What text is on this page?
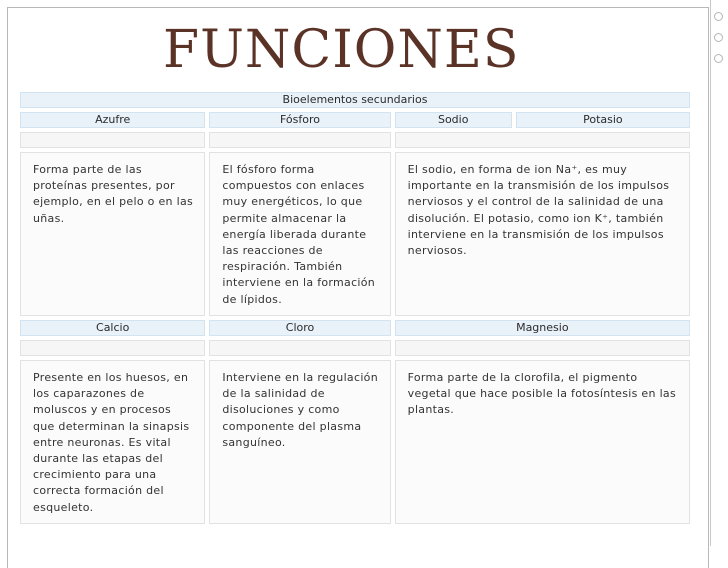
FUNCIONES
Bioelementos secundarios			
Azufre	Fósforo	Sodio	Potasio

Forma parte de las proteínas presentes, por ejemplo, en el pelo o en las uñas.	El fósforo forma compuestos con enlaces muy energéticos, lo que permite almacenar la energía liberada durante las reacciones de respiración. También interviene en la formación de lípidos.	El sodio, en forma de ion Na⁺, es muy importante en la transmisión de los impulsos nerviosos y el control de la salinidad de una disolución. El potasio, como ion K⁺, también interviene en la transmisión de los impulsos nerviosos.	
Calcio	Cloro	Magnesio	

Presente en los huesos, en los caparazones de moluscos y en procesos que determinan la sinapsis entre neuronas. Es vital durante las etapas del crecimiento para una correcta formación del esqueleto.	Interviene en la regulación de la salinidad de disoluciones y como componente del plasma sanguíneo.	Forma parte de la clorofila, el pigmento vegetal que hace posible la fotosíntesis en las plantas.	
